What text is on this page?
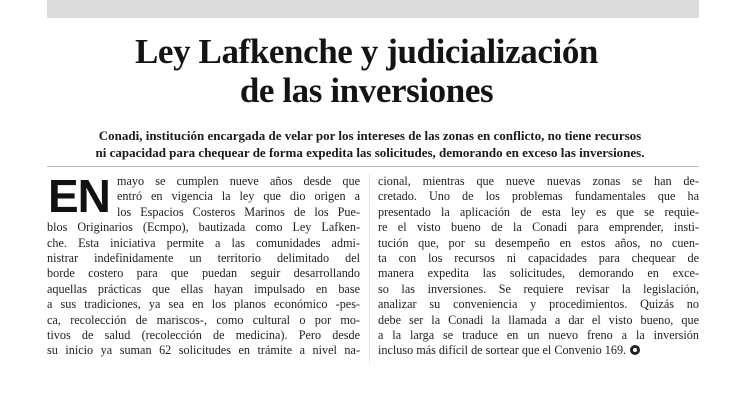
Ley Lafkenche y judicialización
de las inversiones
Conadi, institución encargada de velar por los intereses de las zonas en conflicto, no tiene recursos
ni capacidad para chequear de forma expedita las solicitudes, demorando en exceso las inversiones.
EN mayo se cumplen nueve años desde que
entró en vigencia la ley que dio origen a
los Espacios Costeros Marinos de los Pue-
blos Originarios (Ecmpo), bautizada como Ley Lafken-
che. Esta iniciativa permite a las comunidades admi-
nistrar indefinidamente un territorio delimitado del
borde costero para que puedan seguir desarrollando
aquellas prácticas que ellas hayan impulsado en base
a sus tradiciones, ya sea en los planos económico -pes-
ca, recolección de mariscos-, como cultural o por mo-
tivos de salud (recolección de medicina). Pero desde
su inicio ya suman 62 solicitudes en trámite a nivel na-
cional, mientras que nueve nuevas zonas se han de-
cretado. Uno de los problemas fundamentales que ha
presentado la aplicación de esta ley es que se requie-
re el visto bueno de la Conadi para emprender, insti-
tución que, por su desempeño en estos años, no cuen-
ta con los recursos ni capacidades para chequear de
manera expedita las solicitudes, demorando en exce-
so las inversiones. Se requiere revisar la legislación,
analizar su conveniencia y procedimientos. Quizás no
debe ser la Conadi la llamada a dar el visto bueno, que
a la larga se traduce en un nuevo freno a la inversión
incluso más difícil de sortear que el Convenio 169.
